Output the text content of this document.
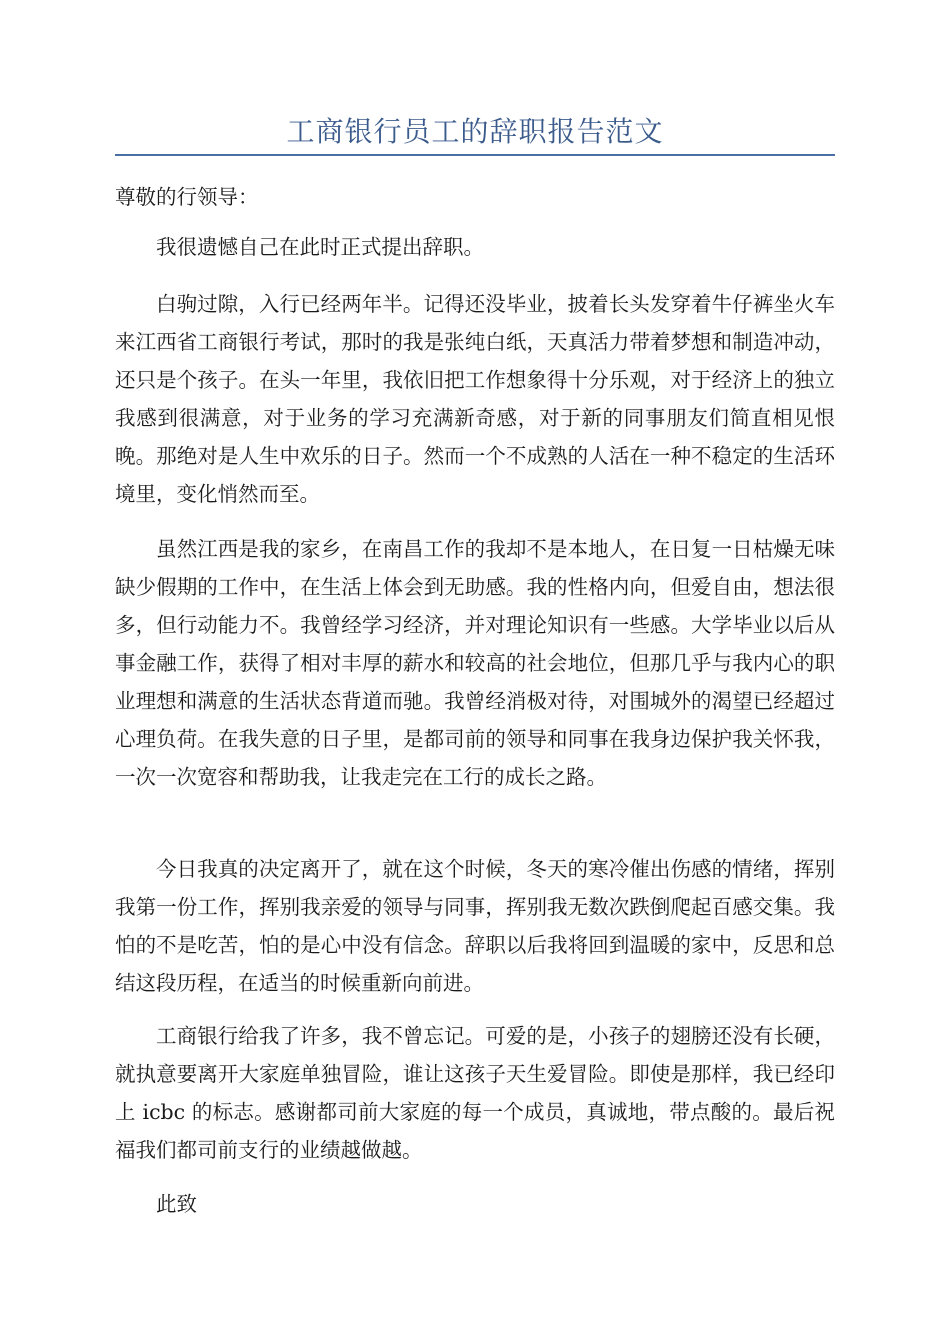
工商银行员工的辞职报告范文

尊敬的行领导：

我很遗憾自己在此时正式提出辞职。

白驹过隙，入行已经两年半。记得还没毕业，披着长头发穿着牛仔裤坐火车来江西省工商银行考试，那时的我是张纯白纸，天真活力带着梦想和制造冲动，还只是个孩子。在头一年里，我依旧把工作想象得十分乐观，对于经济上的独立我感到很满意，对于业务的学习充满新奇感，对于新的同事朋友们简直相见恨晚。那绝对是人生中欢乐的日子。然而一个不成熟的人活在一种不稳定的生活环境里，变化悄然而至。

虽然江西是我的家乡，在南昌工作的我却不是本地人，在日复一日枯燥无味缺少假期的工作中，在生活上体会到无助感。我的性格内向，但爱自由，想法很多，但行动能力不。我曾经学习经济，并对理论知识有一些感。大学毕业以后从事金融工作，获得了相对丰厚的薪水和较高的社会地位，但那几乎与我内心的职业理想和满意的生活状态背道而驰。我曾经消极对待，对围城外的渴望已经超过心理负荷。在我失意的日子里，是都司前的领导和同事在我身边保护我关怀我，一次一次宽容和帮助我，让我走完在工行的成长之路。

今日我真的决定离开了，就在这个时候，冬天的寒冷催出伤感的情绪，挥别我第一份工作，挥别我亲爱的领导与同事，挥别我无数次跌倒爬起百感交集。我怕的不是吃苦，怕的是心中没有信念。辞职以后我将回到温暖的家中，反思和总结这段历程，在适当的时候重新向前进。

工商银行给我了许多，我不曾忘记。可爱的是，小孩子的翅膀还没有长硬，就执意要离开大家庭单独冒险，谁让这孩子天生爱冒险。即使是那样，我已经印上 icbc 的标志。感谢都司前大家庭的每一个成员，真诚地，带点酸的。最后祝福我们都司前支行的业绩越做越。

此致
